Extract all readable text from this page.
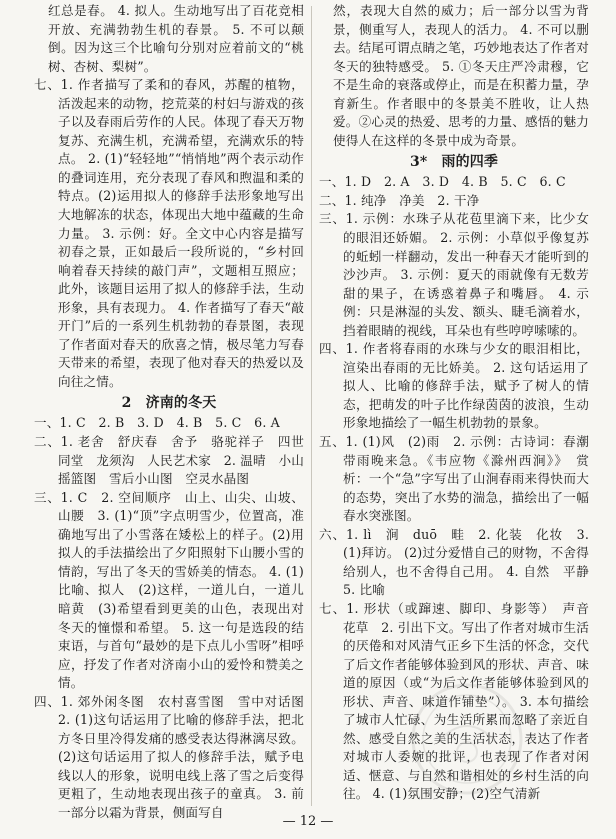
红总是春。 4. 拟人。生动地写出了百花竞相开放、充满勃勃生机的春景。 5. 不可以颠倒。因为这三个比喻句分别对应着前文的“桃树、杏树、梨树”。

七、1. 作者描写了柔和的春风，苏醒的植物，活泼起来的动物，挖荒菜的村妇与游戏的孩子以及春雨后劳作的人民。体现了春天万物复苏、充满生机，充满希望，充满欢乐的特点。 2. (1)“轻轻地”“悄悄地”两个表示动作的叠词连用，充分表现了春风和煦温和柔的特点。(2)运用拟人的修辞手法形象地写出大地解冻的状态，体现出大地中蕴藏的生命力量。 3. 示例：好。全文中心内容是描写初春之景，正如最后一段所说的，“乡村回响着春天持续的敲门声”，文题相互照应；此外，该题目运用了拟人的修辞手法，生动形象，具有表现力。 4. 作者描写了春天“敲开门”后的一系列生机勃勃的春景图，表现了作者面对春天的欣喜之情，极尽笔力写春天带来的希望，表现了他对春天的热爱以及向往之情。

2　济南的冬天

一、1. C　2. B　3. D　4. B　5. C　6. A

二、1. 老舍　舒庆春　舍予　骆驼祥子　四世同堂　龙须沟　人民艺术家　2. 温晴　小山摇篮图　雪后小山图　空灵水晶图

三、1. C　2. 空间顺序　山上、山尖、山坡、山腰　3. (1)“顶”字点明雪少，位置高，准确地写出了小雪落在矮松上的样子。(2)用拟人的手法描绘出了夕阳照射下山腰小雪的情韵，写出了冬天的雪娇美的情态。 4. (1)比喻、拟人　(2)这样，一道儿白，一道儿暗黄　(3)希望看到更美的山色，表现出对冬天的憧憬和希望。 5. 这一句是选段的结束语，与首句“最妙的是下点儿小雪呀”相呼应，抒发了作者对济南小山的爱怜和赞美之情。

四、1. 郊外闲冬图　农村喜雪图　雪中对话图　2. (1)这句话运用了比喻的修辞手法，把北方冬日里冷得发痛的感受表达得淋漓尽致。 (2)这句话运用了拟人的修辞手法，赋予电线以人的形象，说明电线上落了雪之后变得更粗了，生动地表现出孩子的童真。 3. 前一部分以霜为背景，侧面写自

然，表现大自然的威力；后一部分以雪为背景，侧重写人，表现人的活力。 4. 不可以删去。结尾可谓点睛之笔，巧妙地表达了作者对冬天的独特感受。 5. ①冬天庄严冷肃穆，它不是生命的衰落或停止，而是在积蓄力量，孕育新生。作者眼中的冬景美不胜收，让人热爱。②心灵的热爱、思考的力量、感悟的魅力使得人在这样的冬景中成为奇景。

3*　雨的四季

一、1. D　2. A　3. D　4. B　5. C　6. C

二、1. 纯净　净美　2. 干净

三、1. 示例：水珠子从花苞里滴下来，比少女的眼泪还娇媚。 2. 示例：小草似乎像复苏的蚯蚓一样翻动，发出一种春天才能听到的沙沙声。 3. 示例：夏天的雨就像有无数芳甜的果子，在诱惑着鼻子和嘴唇。 4. 示例：只是淋湿的头发、额头、睫毛滴着水，挡着眼睛的视线，耳朵也有些哼哼嗦嗦的。

四、1. 作者将春雨的水珠与少女的眼泪相比，渲染出春雨的无比娇美。 2. 这句话运用了拟人、比喻的修辞手法，赋予了树人的情态，把萌发的叶子比作绿茵茵的波浪，生动形象地描绘了一幅生机勃勃的景象。

五、1. (1)风　(2)雨　2. 示例：古诗词：春潮带雨晚来急。《韦应物《滁州西涧》》　赏析：一个“急”字写出了山涧春雨来得快而大的态势，突出了水势的湍急，描绘出了一幅春水突涨图。

六、1. lì　涧　duō　畦　2. 化装　化妆　3. (1)拜访。 (2)过分爱惜自己的财物，不舍得给别人，也不舍得自己用。 4. 自然　平静　5. 比喻

七、1. 形状（或蹿速、脚印、身影等）　声音　花草　2. 引出下文。写出了作者对城市生活的厌倦和对风清气正乡下生活的怀念，交代了后文作者能够体验到风的形状、声音、味道的原因（或“为后文作者能够体验到风的形状、声音、味道作铺垫”）。 3. 本句描绘了城市人忙碌、为生活所累而忽略了亲近自然、感受自然之美的生活状态，表达了作者对城市人委婉的批评，也表现了作者对闲适、惬意、与自然和谐相处的乡村生活的向往。 4. (1)氛围安静；(2)空气清新

— 12 —
